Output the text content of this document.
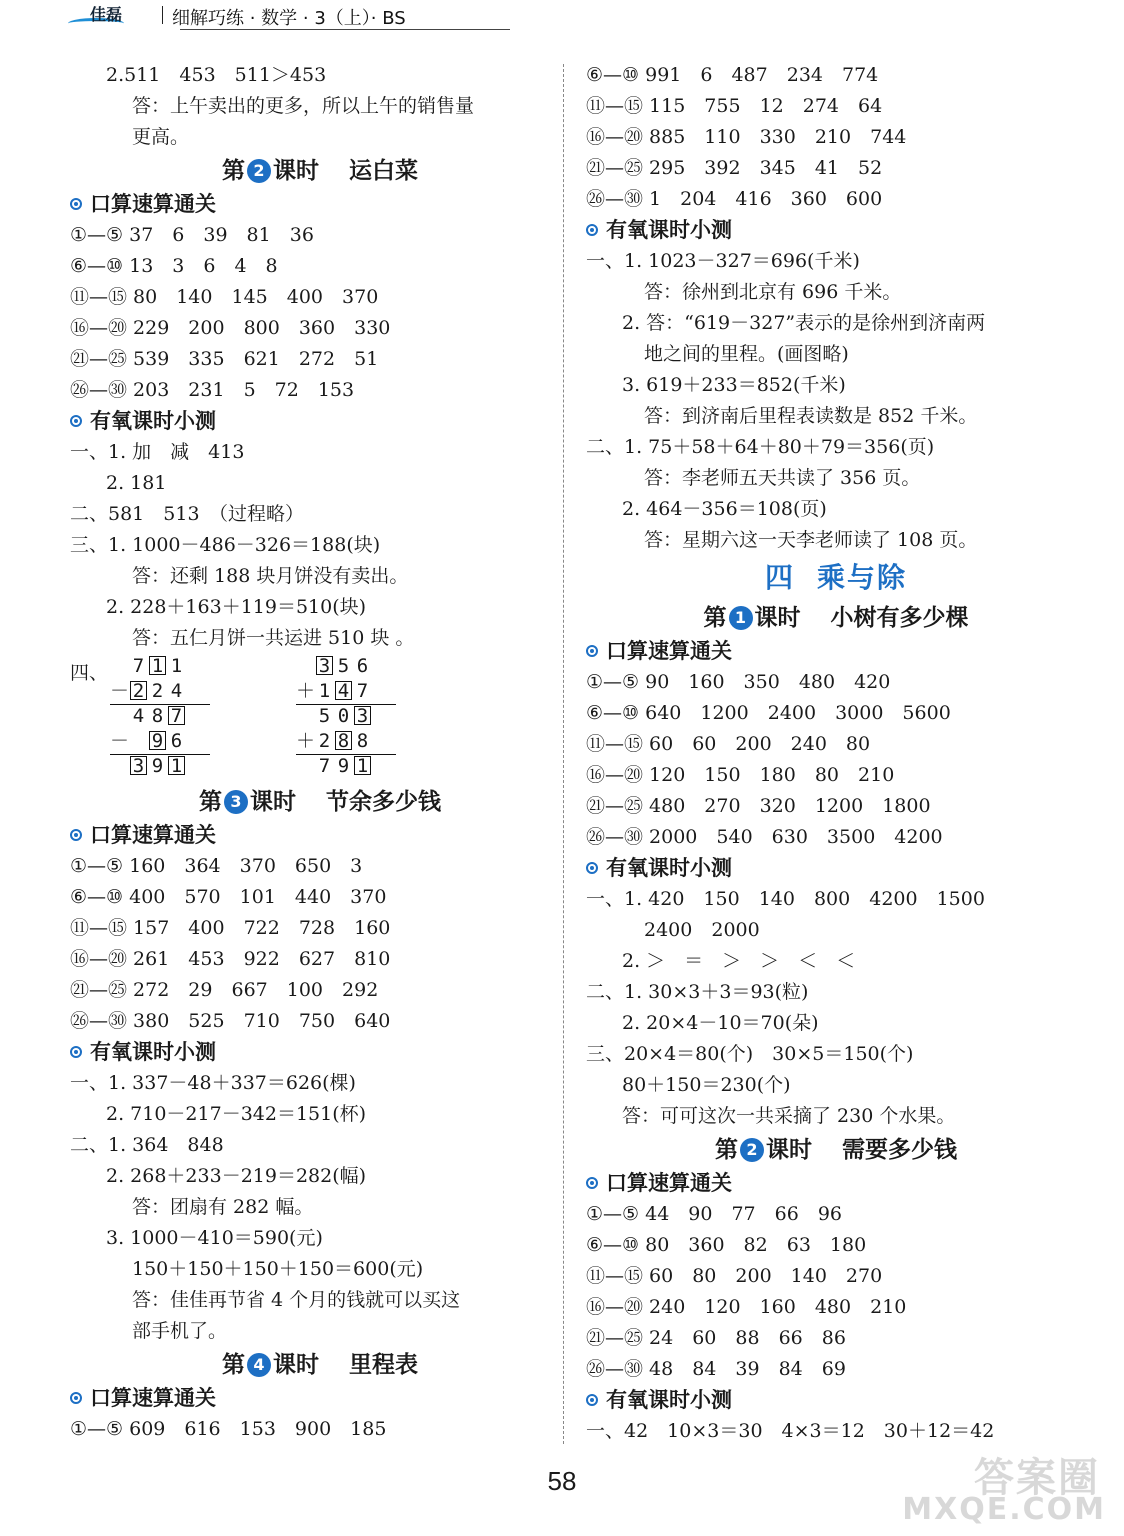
佳磊	细解巧练 · 数学 · 3（上）· BS
2.511　453　511＞453
答：上午卖出的更多，所以上午的销售量
更高。
第 2 课时 运白菜
口算速算通关
①—⑤ 37　6　39　81　36
⑥—⑩ 13　3　6　4　8
⑪—⑮ 80　140　145　400　370
⑯—⑳ 229　200　800　360　330
㉑—㉕ 539　335　621　272　51
㉖—㉚ 203　231　5　72　153
有氧课时小测
一、1. 加　减　413
2. 181
二、581　513　（过程略）
三、1. 1000－486－326＝188(块)
答：还剩 188 块月饼没有卖出。
2. 228＋163＋119＝510(块)
答：五仁月饼一共运进 510 块 。
四、	7 1 1
－ 2 2 4
4 8 7
－ 9 6
3 9 1
3 5 6
＋ 1 4 7
5 0 3
＋ 2 8 8
7 9 1
第 3 课时 节余多少钱
口算速算通关
①—⑤ 160　364　370　650　3
⑥—⑩ 400　570　101　440　370
⑪—⑮ 157　400　722　728　160
⑯—⑳ 261　453　922　627　810
㉑—㉕ 272　29　667　100　292
㉖—㉚ 380　525　710　750　640
有氧课时小测
一、1. 337－48＋337＝626(棵)
2. 710－217－342＝151(杯)
二、1. 364　848
2. 268＋233－219＝282(幅)
答：团扇有 282 幅。
3. 1000－410＝590(元)
150＋150＋150＋150＝600(元)
答：佳佳再节省 4 个月的钱就可以买这
部手机了。
第 4 课时 里程表
口算速算通关
①—⑤ 609　616　153　900　185
⑥—⑩ 991　6　487　234　774
⑪—⑮ 115　755　12　274　64
⑯—⑳ 885　110　330　210　744
㉑—㉕ 295　392　345　41　52
㉖—㉚ 1　204　416　360　600
有氧课时小测
一、1. 1023－327＝696(千米)
答：徐州到北京有 696 千米。
2. 答：“619－327”表示的是徐州到济南两
地之间的里程。(画图略)
3. 619＋233＝852(千米)
答：到济南后里程表读数是 852 千米。
二、1. 75＋58＋64＋80＋79＝356(页)
答：李老师五天共读了 356 页。
2. 464－356＝108(页)
答：星期六这一天李老师读了 108 页。
四 乘与除
第 1 课时 小树有多少棵
口算速算通关
①—⑤ 90　160　350　480　420
⑥—⑩ 640　1200　2400　3000　5600
⑪—⑮ 60　60　200　240　80
⑯—⑳ 120　150　180　80　210
㉑—㉕ 480　270　320　1200　1800
㉖—㉚ 2000　540　630　3500　4200
有氧课时小测
一、1. 420　150　140　800　4200　1500
2400　2000
2. ＞　＝　＞　＞　＜　＜
二、1. 30×3＋3＝93(粒)
2. 20×4－10＝70(朵)
三、20×4＝80(个)　30×5＝150(个)
80＋150＝230(个)
答：可可这次一共采摘了 230 个水果。
第 2 课时 需要多少钱
口算速算通关
①—⑤ 44　90　77　66　96
⑥—⑩ 80　360　82　63　180
⑪—⑮ 60　80　200　140　270
⑯—⑳ 240　120　160　480　210
㉑—㉕ 24　60　88　66　86
㉖—㉚ 48　84　39　84　69
有氧课时小测
一、42　10×3＝30　4×3＝12　30＋12＝42
58	答案圈
MXQE.COM
